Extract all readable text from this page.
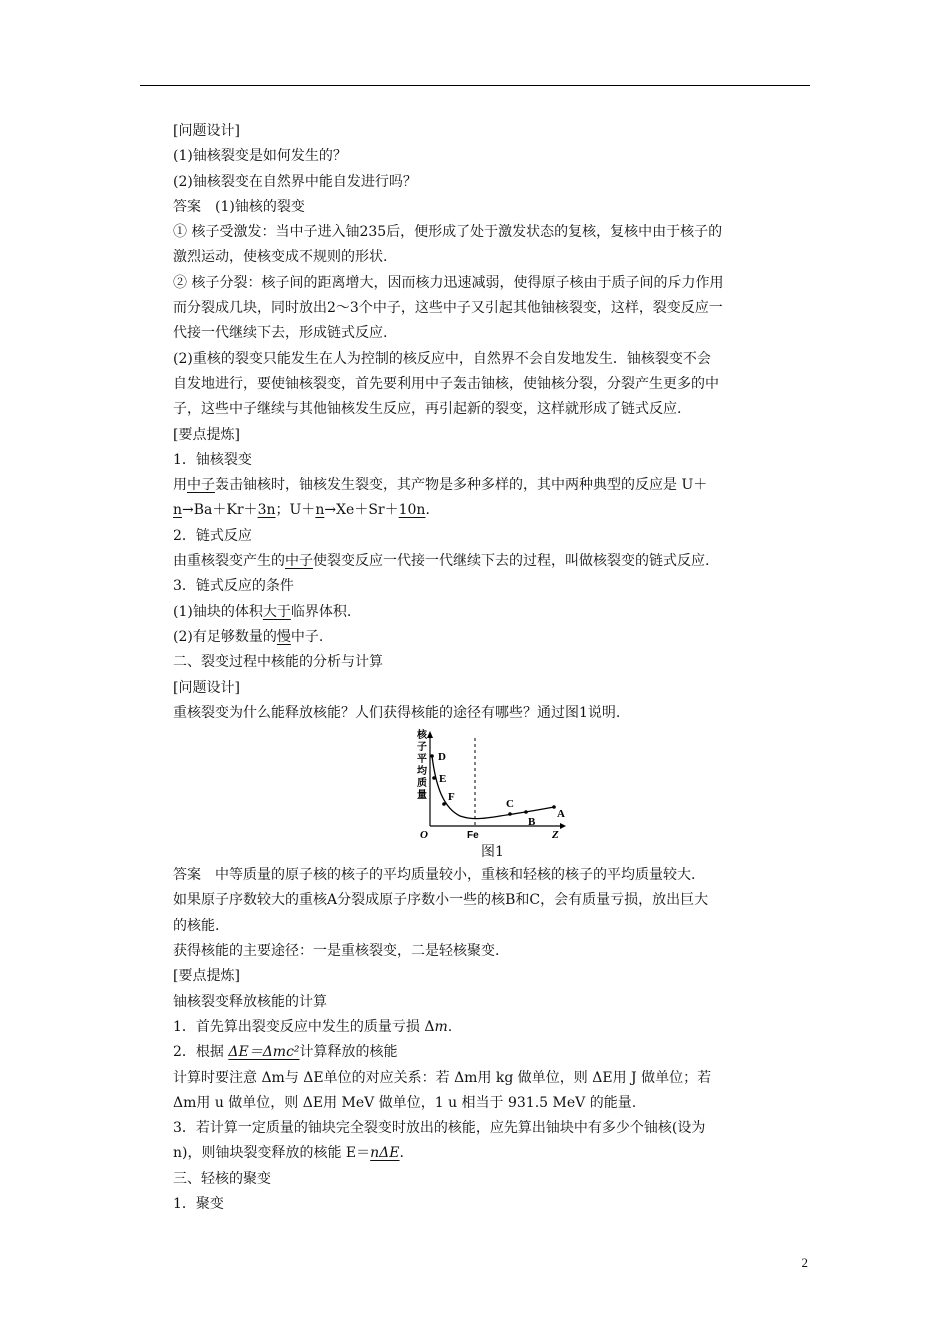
[问题设计]
(1)铀核裂变是如何发生的？
(2)铀核裂变在自然界中能自发进行吗？
答案　(1)铀核的裂变
① 核子受激发：当中子进入铀235后，便形成了处于激发状态的复核，复核中由于核子的
激烈运动，使核变成不规则的形状.
② 核子分裂：核子间的距离增大，因而核力迅速减弱，使得原子核由于质子间的斥力作用
而分裂成几块，同时放出2～3个中子，这些中子又引起其他铀核裂变，这样，裂变反应一
代接一代继续下去，形成链式反应.
(2)重核的裂变只能发生在人为控制的核反应中，自然界不会自发地发生．铀核裂变不会
自发地进行，要使铀核裂变，首先要利用中子轰击铀核，使铀核分裂，分裂产生更多的中
子，这些中子继续与其他铀核发生反应，再引起新的裂变，这样就形成了链式反应.
[要点提炼]
1．铀核裂变
用中子轰击铀核时，铀核发生裂变，其产物是多种多样的，其中两种典型的反应是 U＋
n→Ba＋Kr＋3n；U＋n→Xe＋Sr＋10n.
2．链式反应
由重核裂变产生的中子使裂变反应一代接一代继续下去的过程，叫做核裂变的链式反应.
3．链式反应的条件
(1)铀块的体积大于临界体积.
(2)有足够数量的慢中子.
二、裂变过程中核能的分析与计算
[问题设计]
重核裂变为什么能释放核能？人们获得核能的途径有哪些？通过图1说明.
D
E
F
C
B
A
O	Fe	Z
核
子
平
均
质
量
图1
答案　中等质量的原子核的核子的平均质量较小，重核和轻核的核子的平均质量较大.
如果原子序数较大的重核A分裂成原子序数小一些的核B和C，会有质量亏损，放出巨大
的核能.
获得核能的主要途径：一是重核裂变，二是轻核聚变.
[要点提炼]
铀核裂变释放核能的计算
1．首先算出裂变反应中发生的质量亏损 Δm.
2．根据 ΔE＝Δmc²计算释放的核能
计算时要注意 Δm与 ΔE单位的对应关系：若 Δm用 kg 做单位，则 ΔE用 J 做单位；若
Δm用 u 做单位，则 ΔE用 MeV 做单位，1 u 相当于 931.5 MeV 的能量.
3．若计算一定质量的铀块完全裂变时放出的核能，应先算出铀块中有多少个铀核(设为
n)，则铀块裂变释放的核能 E＝nΔE.
三、轻核的聚变
1．聚变
2
